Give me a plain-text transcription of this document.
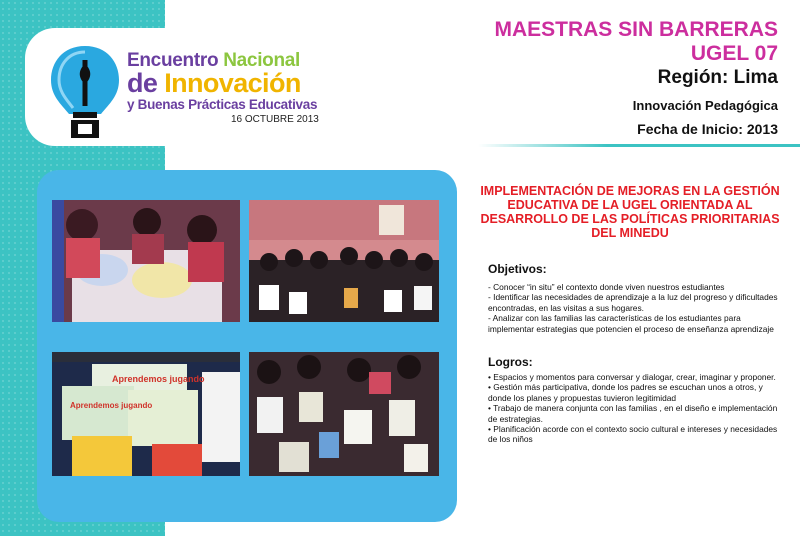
Encuentro Nacional
de Innovación
y Buenas Prácticas Educativas
16 OCTUBRE 2013
MAESTRAS SIN BARRERAS
UGEL 07
Región: Lima
Innovación Pedagógica
Fecha de Inicio: 2013
Aprendemos jugando
Aprendemos jugando
IMPLEMENTACIÓN DE MEJORAS EN LA GESTIÓN EDUCATIVA DE LA UGEL ORIENTADA AL DESARROLLO DE LAS POLÍTICAS PRIORITARIAS DEL MINEDU
Objetivos:
- Conocer “in situ” el contexto donde viven nuestros estudiantes
- Identificar las necesidades de aprendizaje a la luz del progreso y dificultades encontradas, en las visitas a sus hogares.
- Analizar con las familias las características de los estudiantes para implementar estrategias que potencien el proceso de enseñanza aprendizaje
Logros:
• Espacios y momentos para conversar y dialogar, crear, imaginar y proponer.
• Gestión más participativa, donde los padres se escuchan unos a otros, y donde los planes y propuestas tuvieron legitimidad
• Trabajo de manera conjunta con las familias , en el diseño e implementación de estrategias.
• Planificación acorde con el contexto socio cultural e intereses y necesidades de los niños
